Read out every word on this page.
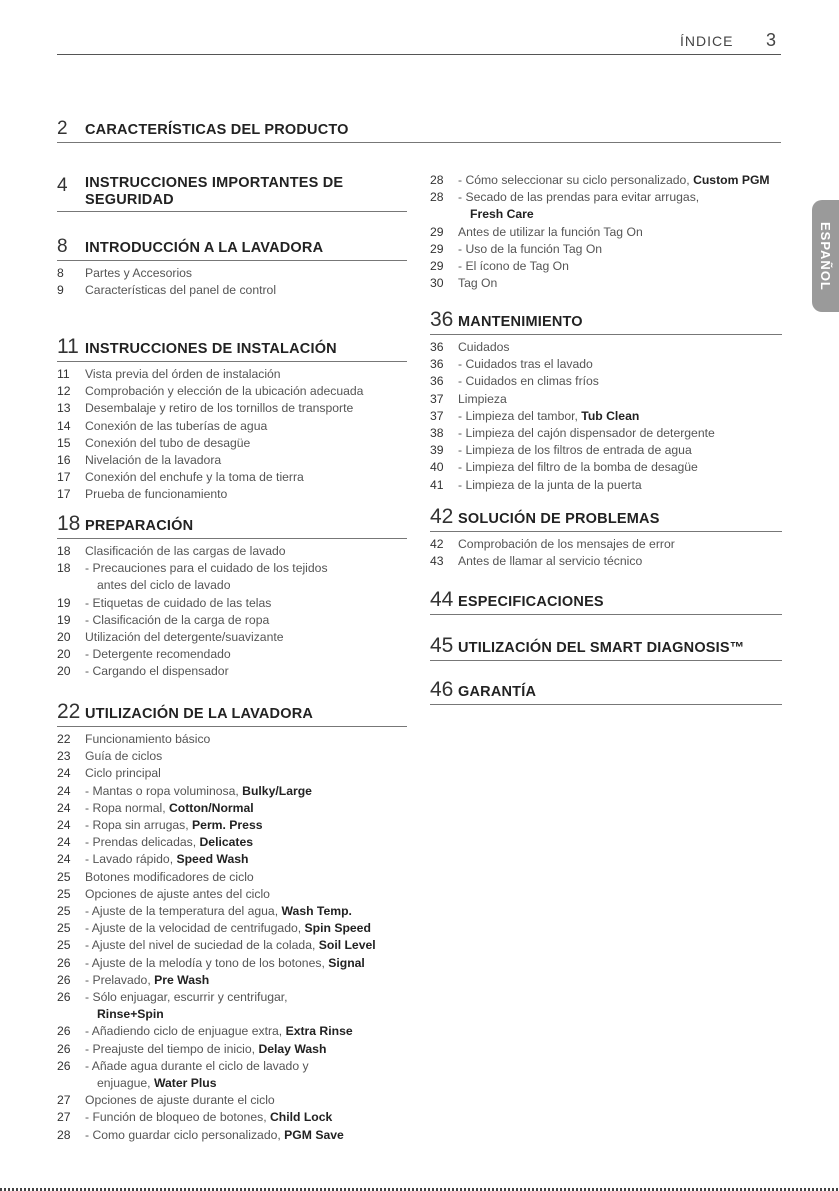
ÍNDICE 3
2	CARACTERÍSTICAS DEL PRODUCTO
4	INSTRUCCIONES IMPORTANTES DE
SEGURIDAD
8	INTRODUCCIÓN A LA LAVADORA
8	Partes y Accesorios
9	Características del panel de control
11 INSTRUCCIONES DE INSTALACIÓN
11	Vista previa del órden de instalación
12	Comprobación y elección de la ubicación adecuada
13	Desembalaje y retiro de los tornillos de transporte
14	Conexión de las tuberías de agua
15	Conexión del tubo de desagüe
16	Nivelación de la lavadora
17	Conexión del enchufe y la toma de tierra
17	Prueba de funcionamiento
18 PREPARACIÓN
18	Clasificación de las cargas de lavado
18	- Precauciones para el cuidado de los tejidos
antes del ciclo de lavado
19	- Etiquetas de cuidado de las telas
19	- Clasificación de la carga de ropa
20	Utilización del detergente/suavizante
20	- Detergente recomendado
20	- Cargando el dispensador
22 UTILIZACIÓN DE LA LAVADORA
22	Funcionamiento básico
23	Guía de ciclos
24	Ciclo principal
24	- Mantas o ropa voluminosa, Bulky/Large
24	- Ropa normal, Cotton/Normal
24	- Ropa sin arrugas, Perm. Press
24	- Prendas delicadas, Delicates
24	- Lavado rápido, Speed Wash
25	Botones modificadores de ciclo
25	Opciones de ajuste antes del ciclo
25	- Ajuste de la temperatura del agua, Wash Temp.
25	- Ajuste de la velocidad de centrifugado, Spin Speed
25	- Ajuste del nivel de suciedad de la colada, Soil Level
26	- Ajuste de la melodía y tono de los botones, Signal
26	- Prelavado, Pre Wash
26	- Sólo enjuagar, escurrir y centrifugar,
Rinse+Spin
26	- Añadiendo ciclo de enjuague extra, Extra Rinse
26	- Preajuste del tiempo de inicio, Delay Wash
26	- Añade agua durante el ciclo de lavado y
enjuague, Water Plus
27	Opciones de ajuste durante el ciclo
27	- Función de bloqueo de botones, Child Lock
28	- Como guardar ciclo personalizado, PGM Save
28	- Cómo seleccionar su ciclo personalizado, Custom PGM
28	- Secado de las prendas para evitar arrugas,
Fresh Care
29	Antes de utilizar la función Tag On
29	- Uso de la función Tag On
29	- El ícono de Tag On
30	Tag On
36 MANTENIMIENTO
36	Cuidados
36	- Cuidados tras el lavado
36	- Cuidados en climas fríos
37	Limpieza
37	- Limpieza del tambor, Tub Clean
38	- Limpieza del cajón dispensador de detergente
39	- Limpieza de los filtros de entrada de agua
40	- Limpieza del filtro de la bomba de desagüe
41	- Limpieza de la junta de la puerta
42 SOLUCIÓN DE PROBLEMAS
42	Comprobación de los mensajes de error
43	Antes de llamar al servicio técnico
44 ESPECIFICACIONES
45 UTILIZACIÓN DEL SMART DIAGNOSIS™
46 GARANTÍA
ESPAÑOL
